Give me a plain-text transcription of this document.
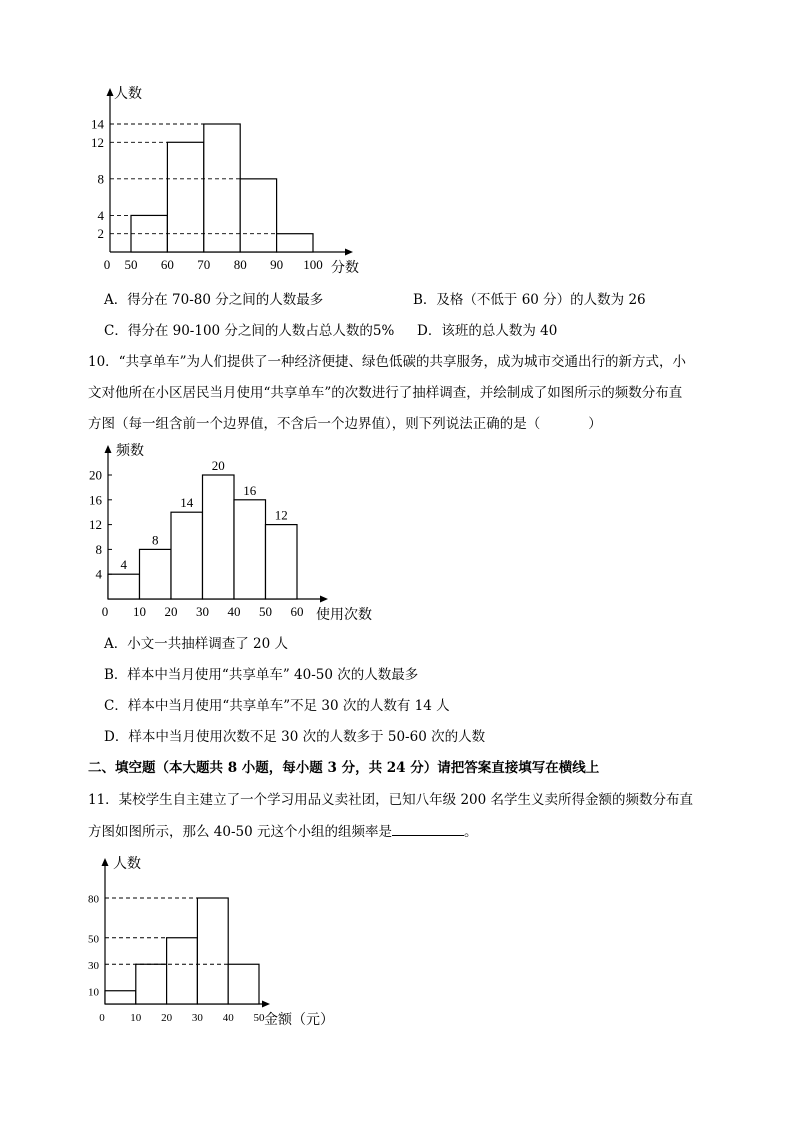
人数
分数
0 50 60 70 80 90 100
2
4
8
12
14
A．得分在 70-80 分之间的人数最多	B．及格（不低于 60 分）的人数为 26
C．得分在 90-100 分之间的人数占总人数的5% D．该班的总人数为 40
10．“共享单车”为人们提供了一种经济便捷、绿色低碳的共享服务，成为城市交通出行的新方式，小
文对他所在小区居民当月使用“共享单车”的次数进行了抽样调查，并绘制成了如图所示的频数分布直
方图（每一组含前一个边界值，不含后一个边界值），则下列说法正确的是（	）
频数
使用次数
0 10 20 30 40 50 60
4
8
14
20
16
12
4
8
12
16
20
A．小文一共抽样调查了 20 人
B．样本中当月使用“共享单车” 40-50 次的人数最多
C．样本中当月使用“共享单车”不足 30 次的人数有 14 人
D．样本中当月使用次数不足 30 次的人数多于 50-60 次的人数
二、填空题（本大题共 8 小题，每小题 3 分，共 24 分）请把答案直接填写在横线上
11．某校学生自主建立了一个学习用品义卖社团，已知八年级 200 名学生义卖所得金额的频数分布直
方图如图所示，那么 40-50 元这个小组的组频率是	。
人数
金额（元）
0 10 20 30 40 50
10
30
50
80
